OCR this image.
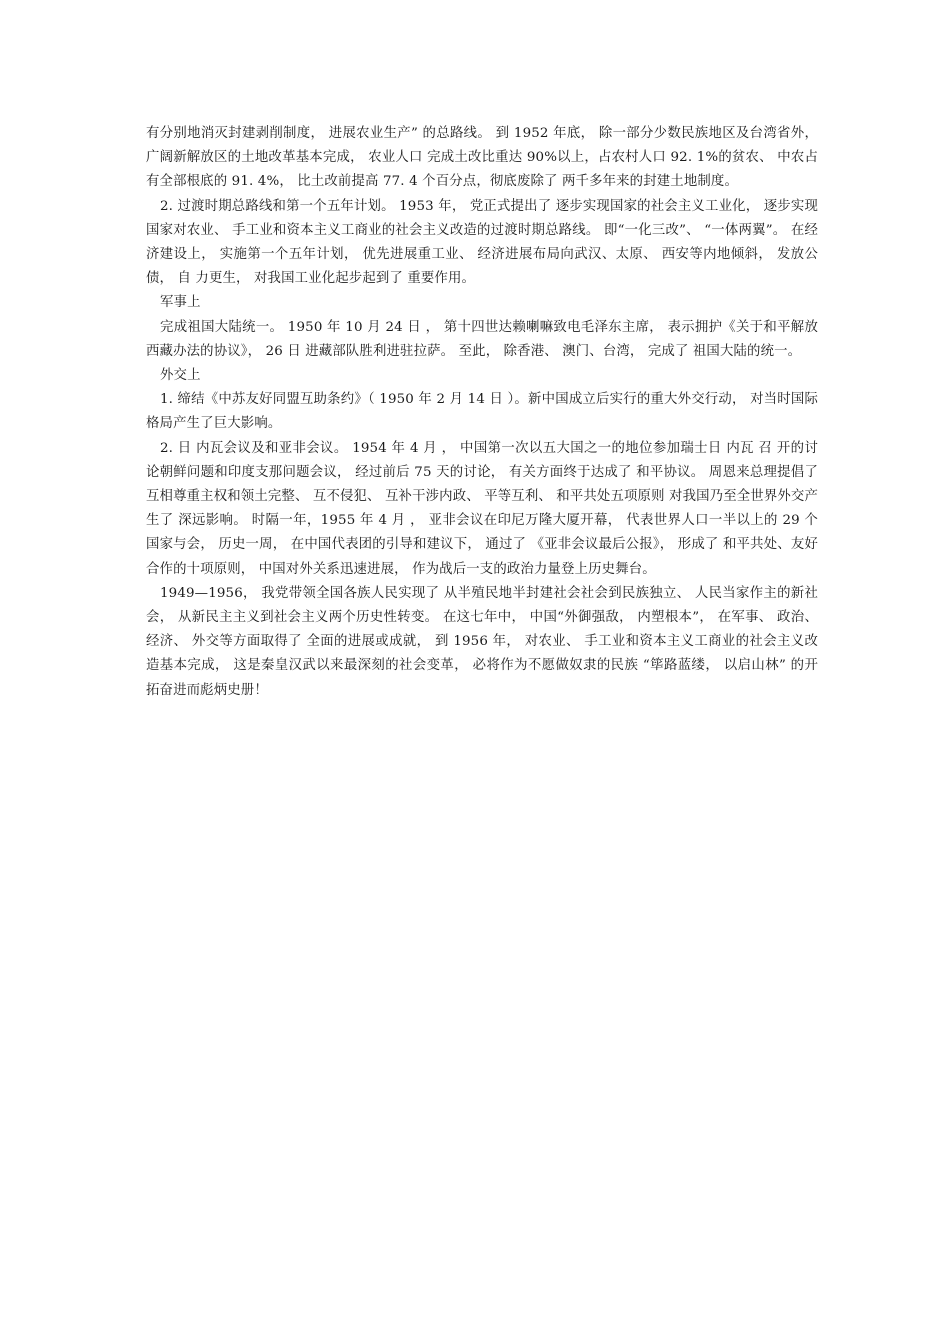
有分别地消灭封建剥削制度， 进展农业生产” 的总路线。 到 1952 年底， 除一部分少数民族地区及台湾省外， 广阔新解放区的土地改革基本完成， 农业人口 完成土改比重达 90%以上，占农村人口 92. 1%的贫农、 中农占有全部根底的 91. 4%， 比土改前提高 77. 4 个百分点，彻底废除了 两千多年来的封建土地制度。

2. 过渡时期总路线和第一个五年计划。 1953 年， 党正式提出了 逐步实现国家的社会主义工业化， 逐步实现国家对农业、 手工业和资本主义工商业的社会主义改造的过渡时期总路线。 即“一化三改”、 “一体两翼”。 在经济建设上， 实施第一个五年计划， 优先进展重工业、 经济进展布局向武汉、太原、 西安等内地倾斜， 发放公债， 自 力更生， 对我国工业化起步起到了 重要作用。

军事上

完成祖国大陆统一。 1950 年 10 月 24 日 ， 第十四世达赖喇嘛致电毛泽东主席， 表示拥护《关于和平解放西藏办法的协议》， 26 日 进藏部队胜利进驻拉萨。 至此， 除香港、 澳门、台湾， 完成了 祖国大陆的统一。

外交上

1. 缔结《中苏友好同盟互助条约》（ 1950 年 2 月 14 日 ）。新中国成立后实行的重大外交行动， 对当时国际格局产生了巨大影响。

2. 日 内瓦会议及和亚非会议。 1954 年 4 月 ， 中国第一次以五大国之一的地位参加瑞士日 内瓦 召 开的讨论朝鲜问题和印度支那问题会议， 经过前后 75 天的讨论， 有关方面终于达成了 和平协议。 周恩来总理提倡了 互相尊重主权和领土完整、 互不侵犯、 互补干涉内政、 平等互利、 和平共处五项原则 对我国乃至全世界外交产生了 深远影响。 时隔一年，1955 年 4 月 ， 亚非会议在印尼万隆大厦开幕， 代表世界人口一半以上的 29 个国家与会， 历史一周， 在中国代表团的引导和建议下， 通过了 《亚非会议最后公报》， 形成了 和平共处、友好合作的十项原则， 中国对外关系迅速进展， 作为战后一支的政治力量登上历史舞台。

1949—1956， 我党带领全国各族人民实现了 从半殖民地半封建社会社会到民族独立、 人民当家作主的新社会， 从新民主主义到社会主义两个历史性转变。 在这七年中， 中国“外御强敌， 内塑根本”， 在军事、 政治、 经济、 外交等方面取得了 全面的进展或成就， 到 1956 年， 对农业、 手工业和资本主义工商业的社会主义改造基本完成， 这是秦皇汉武以来最深刻的社会变革， 必将作为不愿做奴隶的民族 “筚路蓝缕， 以启山林” 的开拓奋进而彪炳史册！
